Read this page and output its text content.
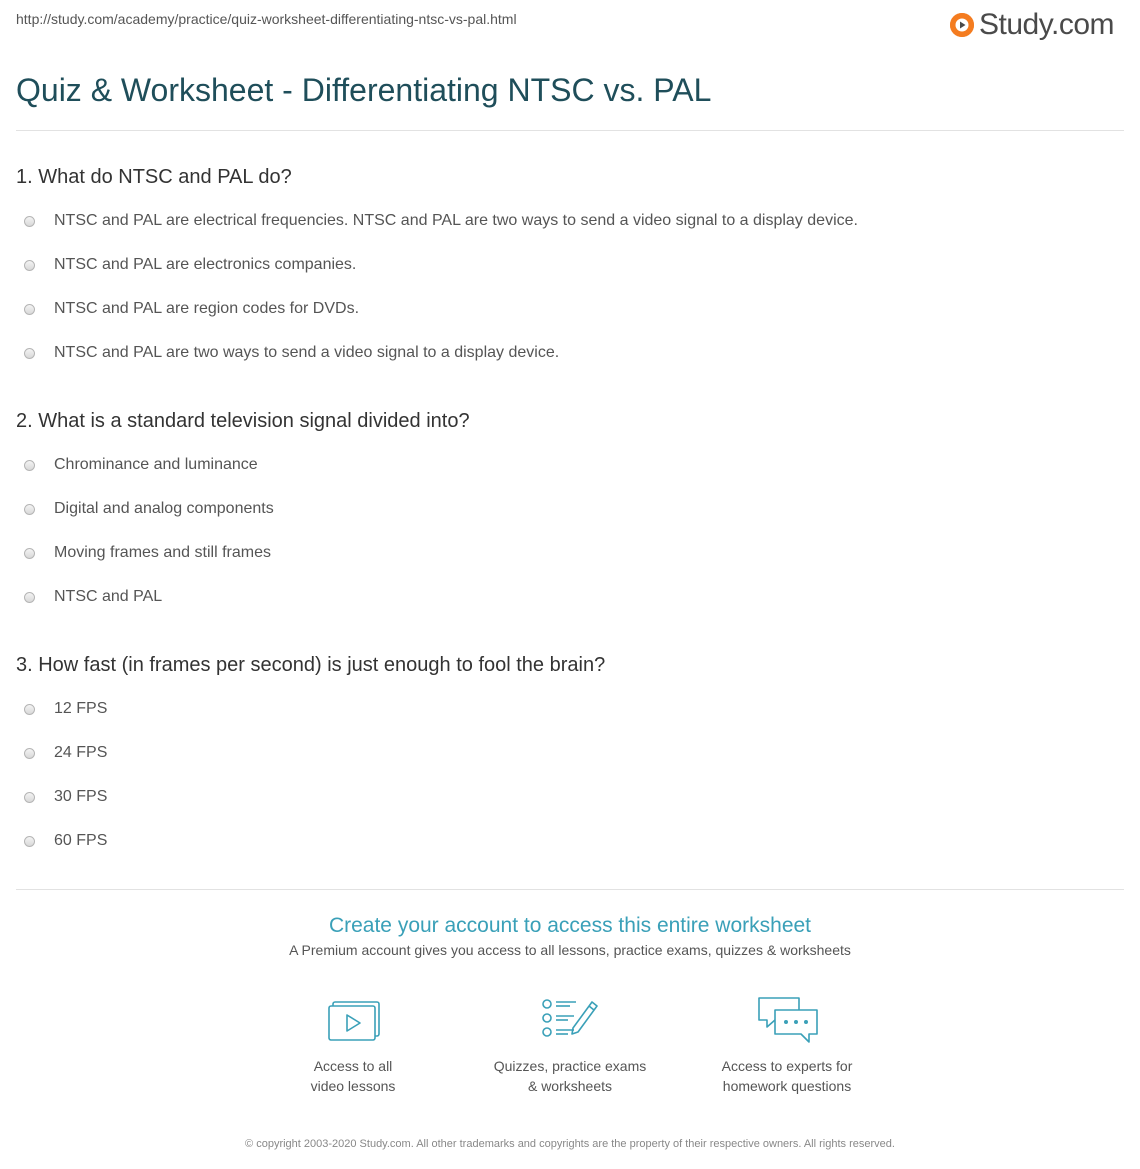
http://study.com/academy/practice/quiz-worksheet-differentiating-ntsc-vs-pal.html	Study.com
Quiz & Worksheet - Differentiating NTSC vs. PAL
1. What do NTSC and PAL do?
NTSC and PAL are electrical frequencies. NTSC and PAL are two ways to send a video signal to a display device.
NTSC and PAL are electronics companies.
NTSC and PAL are region codes for DVDs.
NTSC and PAL are two ways to send a video signal to a display device.
2. What is a standard television signal divided into?
Chrominance and luminance
Digital and analog components
Moving frames and still frames
NTSC and PAL
3. How fast (in frames per second) is just enough to fool the brain?
12 FPS
24 FPS
30 FPS
60 FPS
Create your account to access this entire worksheet
A Premium account gives you access to all lessons, practice exams, quizzes & worksheets
Access to all
video lessons
Quizzes, practice exams
& worksheets
Access to experts for
homework questions
© copyright 2003-2020 Study.com. All other trademarks and copyrights are the property of their respective owners. All rights reserved.
